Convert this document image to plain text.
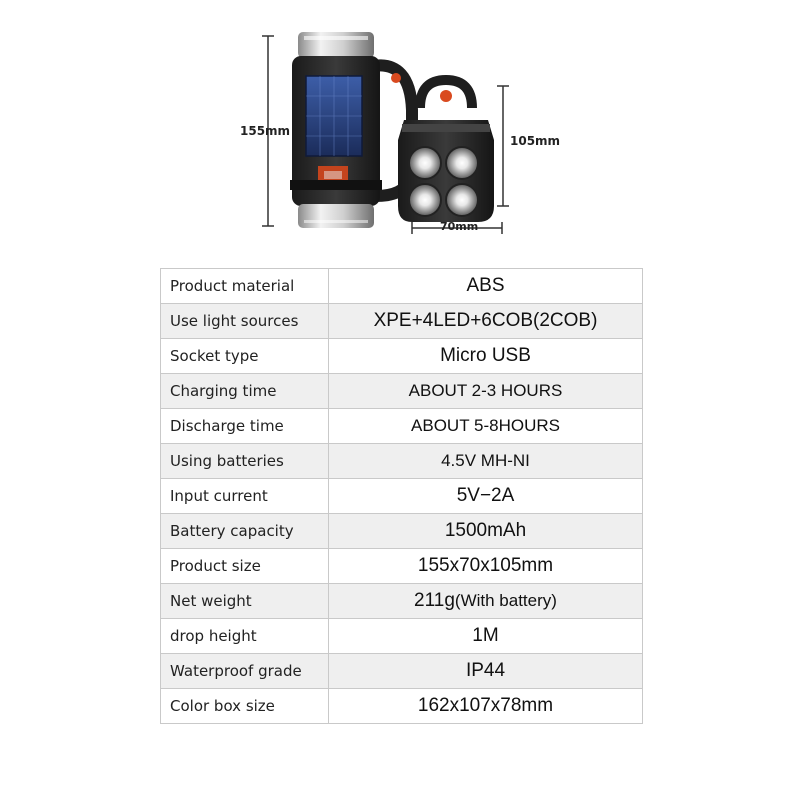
155mm
105mm
70mm
Product material	ABS
Use light sources	XPE+4LED+6COB(2COB)
Socket type	Micro USB
Charging time	ABOUT 2-3 HOURS
Discharge time	ABOUT 5-8HOURS
Using batteries	4.5V MH-NI
Input current	5V−2A
Battery capacity	1500mAh
Product size	155x70x105mm
Net weight	211g(With battery)
drop height	1M
Waterproof grade	IP44
Color box size	162x107x78mm
